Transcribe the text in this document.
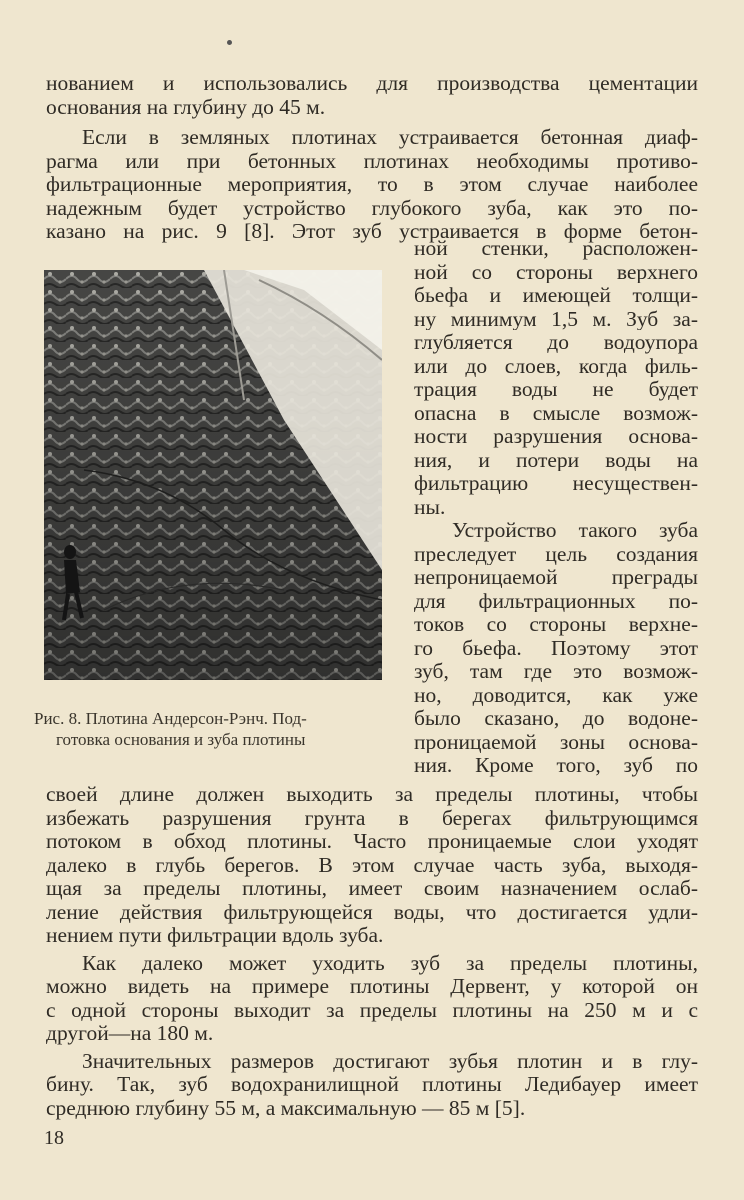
нованием и использовались для производства цементации
основания на глубину до 45 м.
Если в земляных плотинах устраивается бетонная диаф-
рагма или при бетонных плотинах необходимы противо-
фильтрационные мероприятия, то в этом случае наиболее
надежным будет устройство глубокого зуба, как это по-
казано на рис. 9 [8]. Этот зуб устраивается в форме бетон-
Рис. 8. Плотина Андерсон-Рэнч. Под-
готовка основания и зуба плотины
ной стенки, расположен-
ной со стороны верхнего
бьефа и имеющей толщи-
ну минимум 1,5 м. Зуб за-
глубляется до водоупора
или до слоев, когда филь-
трация воды не будет
опасна в смысле возмож-
ности разрушения основа-
ния, и потери воды на
фильтрацию несуществен-
ны.
Устройство такого зуба
преследует цель создания
непроницаемой преграды
для фильтрационных по-
токов со стороны верхне-
го бьефа. Поэтому этот
зуб, там где это возмож-
но, доводится, как уже
было сказано, до водоне-
проницаемой зоны основа-
ния. Кроме того, зуб по
своей длине должен выходить за пределы плотины, чтобы
избежать разрушения грунта в берегах фильтрующимся
потоком в обход плотины. Часто проницаемые слои уходят
далеко в глубь берегов. В этом случае часть зуба, выходя-
щая за пределы плотины, имеет своим назначением ослаб-
ление действия фильтрующейся воды, что достигается удли-
нением пути фильтрации вдоль зуба.
Как далеко может уходить зуб за пределы плотины,
можно видеть на примере плотины Дервент, у которой он
с одной стороны выходит за пределы плотины на 250 м и с
другой—на 180 м.
Значительных размеров достигают зубья плотин и в глу-
бину. Так, зуб водохранилищной плотины Ледибауер имеет
среднюю глубину 55 м, а максимальную — 85 м [5].
18
